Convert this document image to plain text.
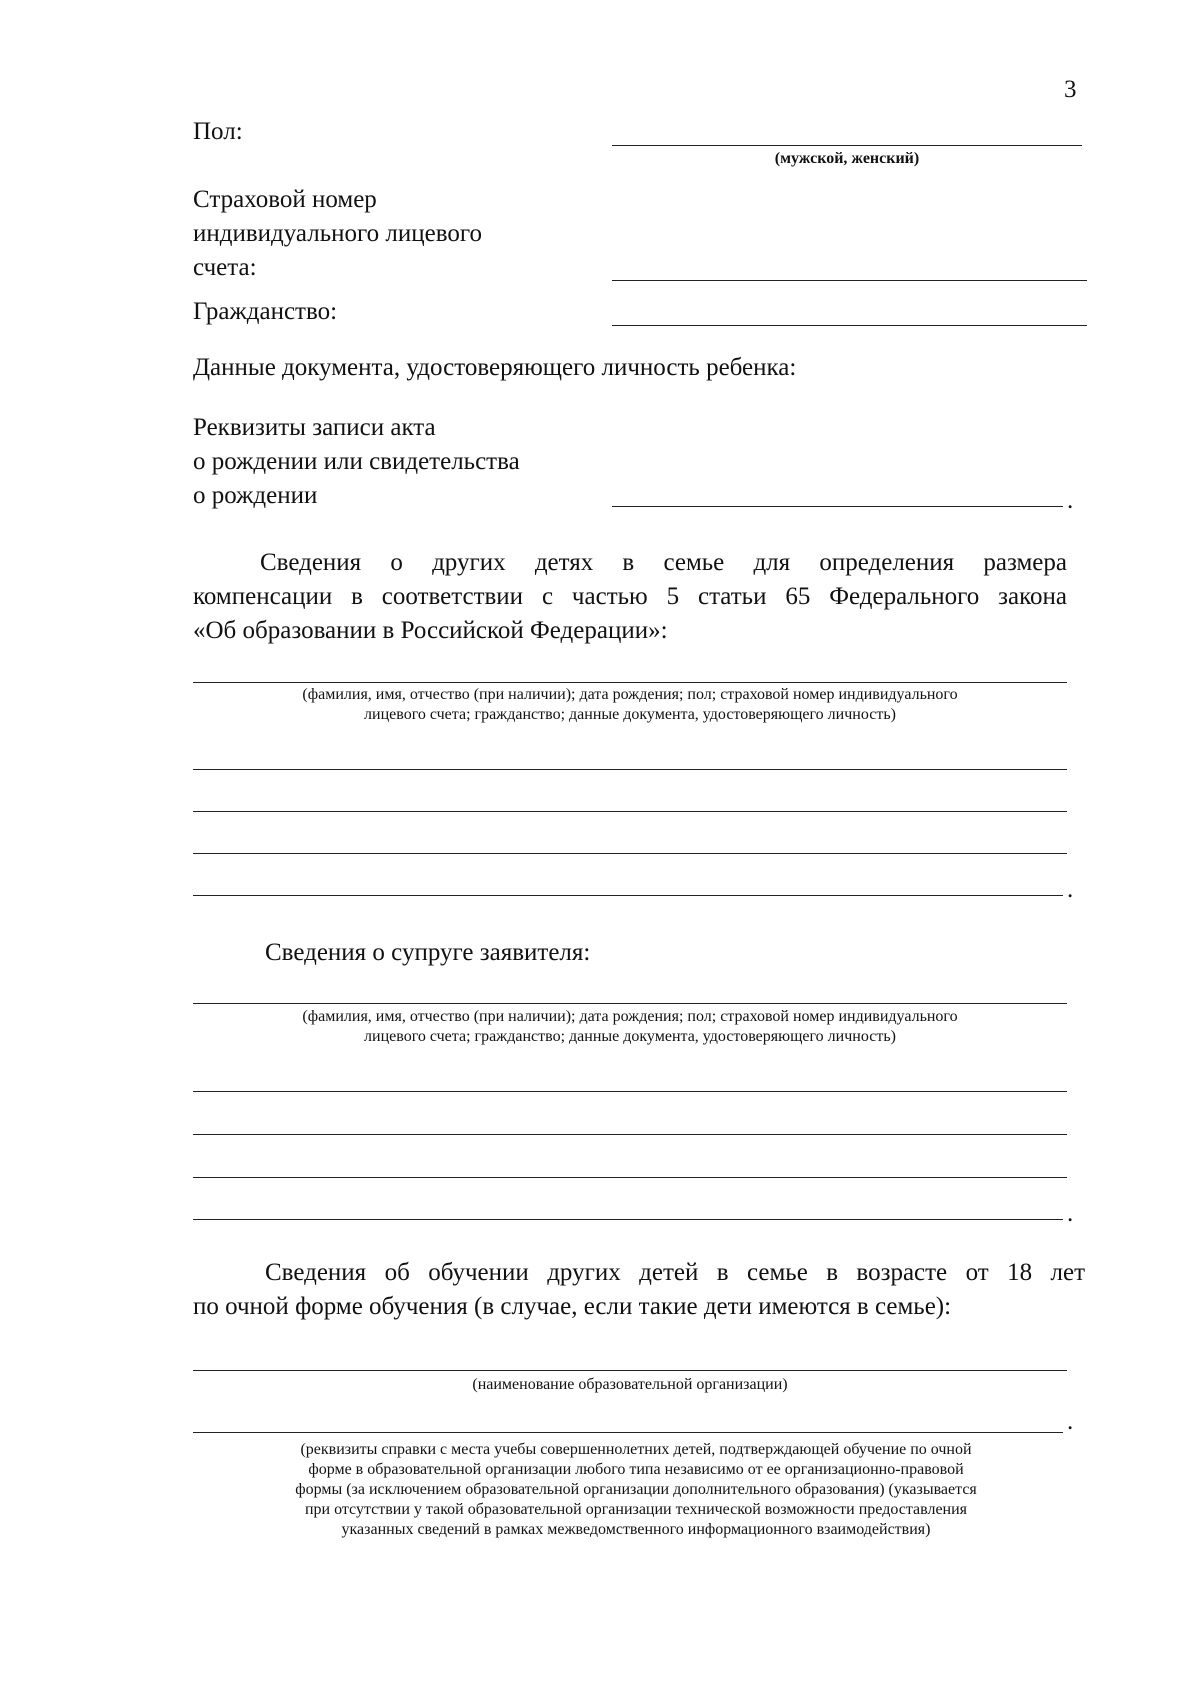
3
Пол:
(мужской, женский)
Страховой номер
индивидуального лицевого
счета:
Гражданство:
Данные документа, удостоверяющего личность ребенка:
Реквизиты записи акта
о рождении или свидетельства
о рождении	.
Сведения о других детях в семье для определения размера
компенсации в соответствии с частью 5 статьи 65 Федерального закона
«Об образовании в Российской Федерации»:
(фамилия, имя, отчество (при наличии); дата рождения; пол; страховой номер индивидуального
лицевого счета; гражданство; данные документа, удостоверяющего личность)
.
Сведения о супруге заявителя:
(фамилия, имя, отчество (при наличии); дата рождения; пол; страховой номер индивидуального
лицевого счета; гражданство; данные документа, удостоверяющего личность)
.
Сведения об обучении других детей в семье в возрасте от 18 лет
по очной форме обучения (в случае, если такие дети имеются в семье):
(наименование образовательной организации)
.
(реквизиты справки с места учебы совершеннолетних детей, подтверждающей обучение по очной
форме в образовательной организации любого типа независимо от ее организационно-правовой
формы (за исключением образовательной организации дополнительного образования) (указывается
при отсутствии у такой образовательной организации технической возможности предоставления
указанных сведений в рамках межведомственного информационного взаимодействия)
